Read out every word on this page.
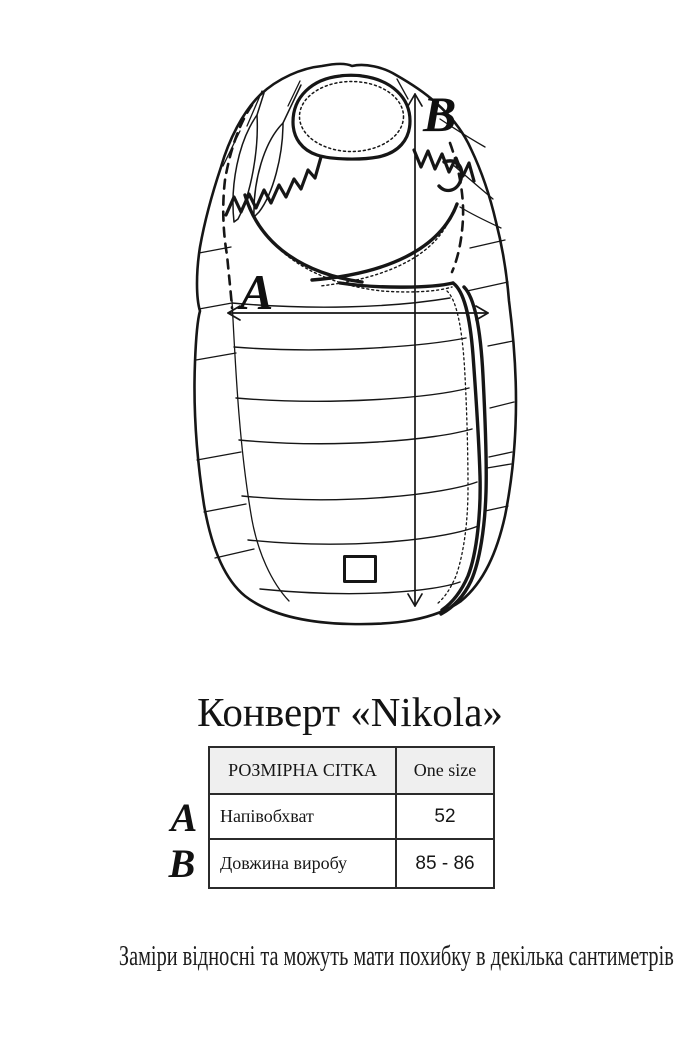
A
B
Конверт «Nikola»
A
B
РОЗМІРНА СІТКА	One size
Напівобхват	52
Довжина виробу	85 - 86

Заміри відносні та можуть мати похибку в декілька сантиметрів
